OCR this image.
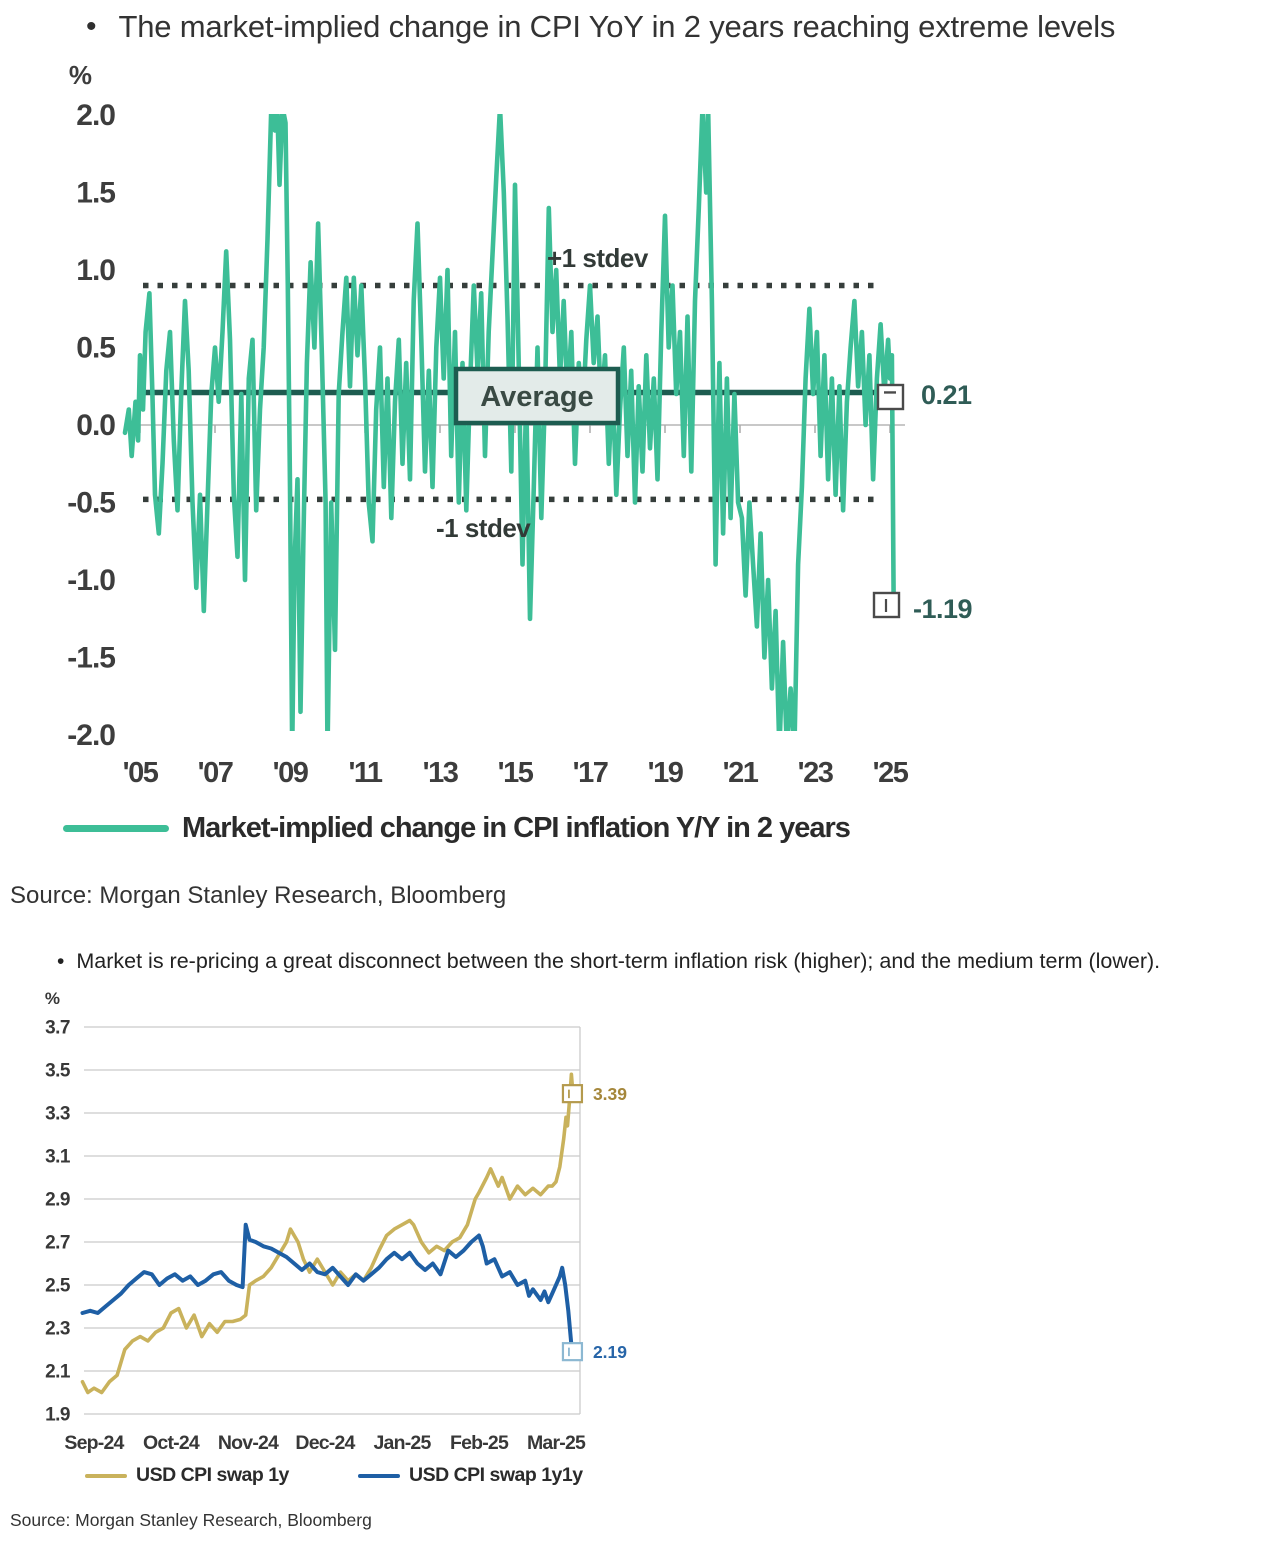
• The market-implied change in CPI YoY in 2 years reaching extreme levels
2.0
1.5
1.0
0.5
0.0
-0.5
-1.0
-1.5
-2.0
%
'05 '07 '09 '11 '13 '15 '17 '19 '21 '23 '25
+1 stdev
-1 stdev
Average	0.21
-1.19
3.7
3.5
3.3
3.1
2.9
2.7
2.5
2.3
2.1
1.9
%
Sep-24 Oct-24 Nov-24 Dec-24 Jan-25 Feb-25 Mar-25
3.39
2.19
Market-implied change in CPI inflation Y/Y in 2 years
Source: Morgan Stanley Research, Bloomberg
• Market is re-pricing a great disconnect between the short-term inflation risk (higher); and the medium term (lower).
USD CPI swap 1y	USD CPI swap 1y1y
Source: Morgan Stanley Research, Bloomberg
